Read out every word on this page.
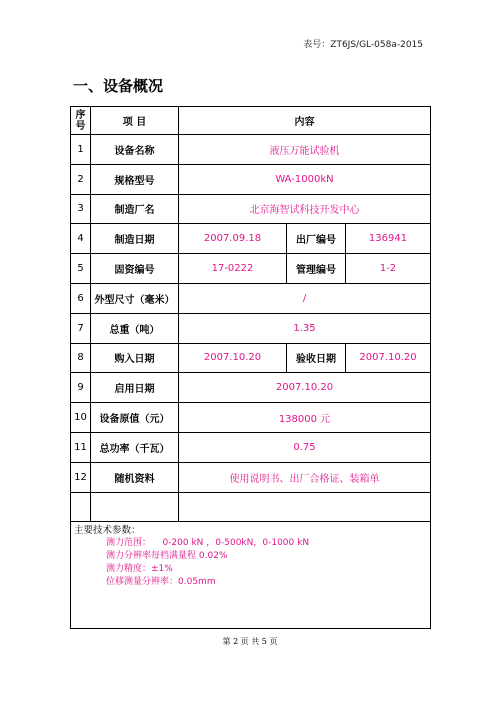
表号：ZT6JS/GL-058a-2015
一、设备概况
序号	项 目	内容		
1	设备名称	液压万能试验机		
2	规格型号	WA-1000kN		
3	制造厂名	北京海智试科技开发中心		
4	制造日期	2007.09.18	出厂编号	136941
5	固资编号	17-0222	管理编号	1-2
6	外型尺寸（毫米）	/		
7	总重（吨）	1.35		
8	购入日期	2007.10.20	验收日期	2007.10.20
9	启用日期	2007.10.20		
10	设备原值（元）	138000 元		
11	总功率（千瓦）	0.75		
12	随机资料	使用说明书、出厂合格证、装箱单		

主要技术参数：
测力范围：    0-200 kN ，0-500kN，0-1000 kN
测力分辨率每档满量程 0.02%
测力精度：±1%
位移测量分辨率：0.05mm				
第 2 页 共 5 页
